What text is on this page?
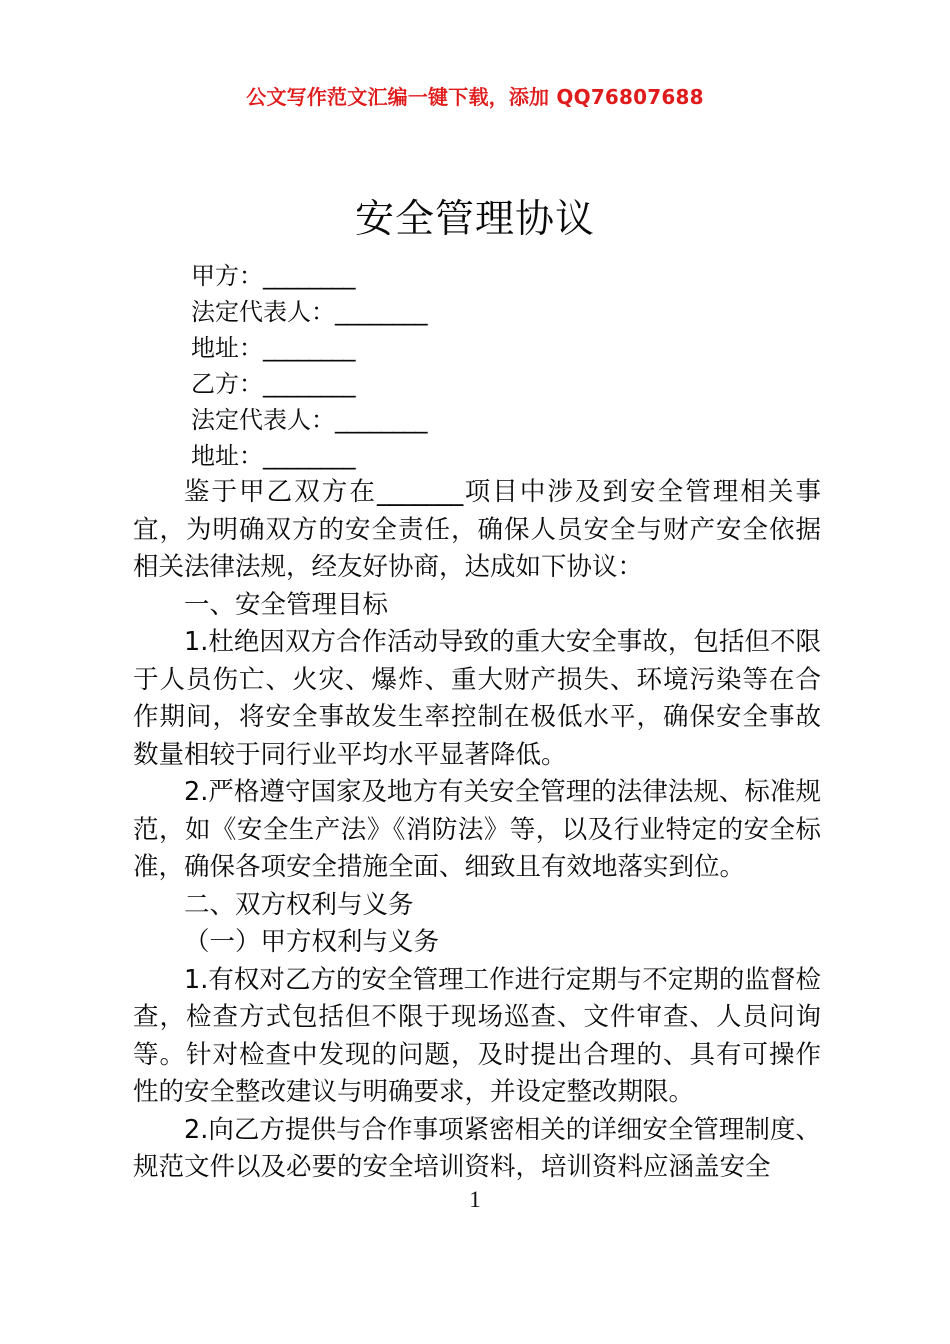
公文写作范文汇编一键下载，添加 QQ76807688
安全管理协议
甲方：________
法定代表人：________
地址：________
乙方：________
法定代表人：________
地址：________

鉴于甲乙双方在_______项目中涉及到安全管理相关事宜，为明确双方的安全责任，确保人员安全与财产安全依据相关法律法规，经友好协商，达成如下协议：

一、安全管理目标

1.杜绝因双方合作活动导致的重大安全事故，包括但不限于人员伤亡、火灾、爆炸、重大财产损失、环境污染等在合作期间，将安全事故发生率控制在极低水平，确保安全事故数量相较于同行业平均水平显著降低。

2.严格遵守国家及地方有关安全管理的法律法规、标准规范，如《安全生产法》《消防法》等，以及行业特定的安全标准，确保各项安全措施全面、细致且有效地落实到位。

二、双方权利与义务

（一）甲方权利与义务

1.有权对乙方的安全管理工作进行定期与不定期的监督检查，检查方式包括但不限于现场巡查、文件审查、人员问询等。针对检查中发现的问题，及时提出合理的、具有可操作性的安全整改建议与明确要求，并设定整改期限。

2.向乙方提供与合作事项紧密相关的详细安全管理制度、规范文件以及必要的安全培训资料，培训资料应涵盖安全

1
